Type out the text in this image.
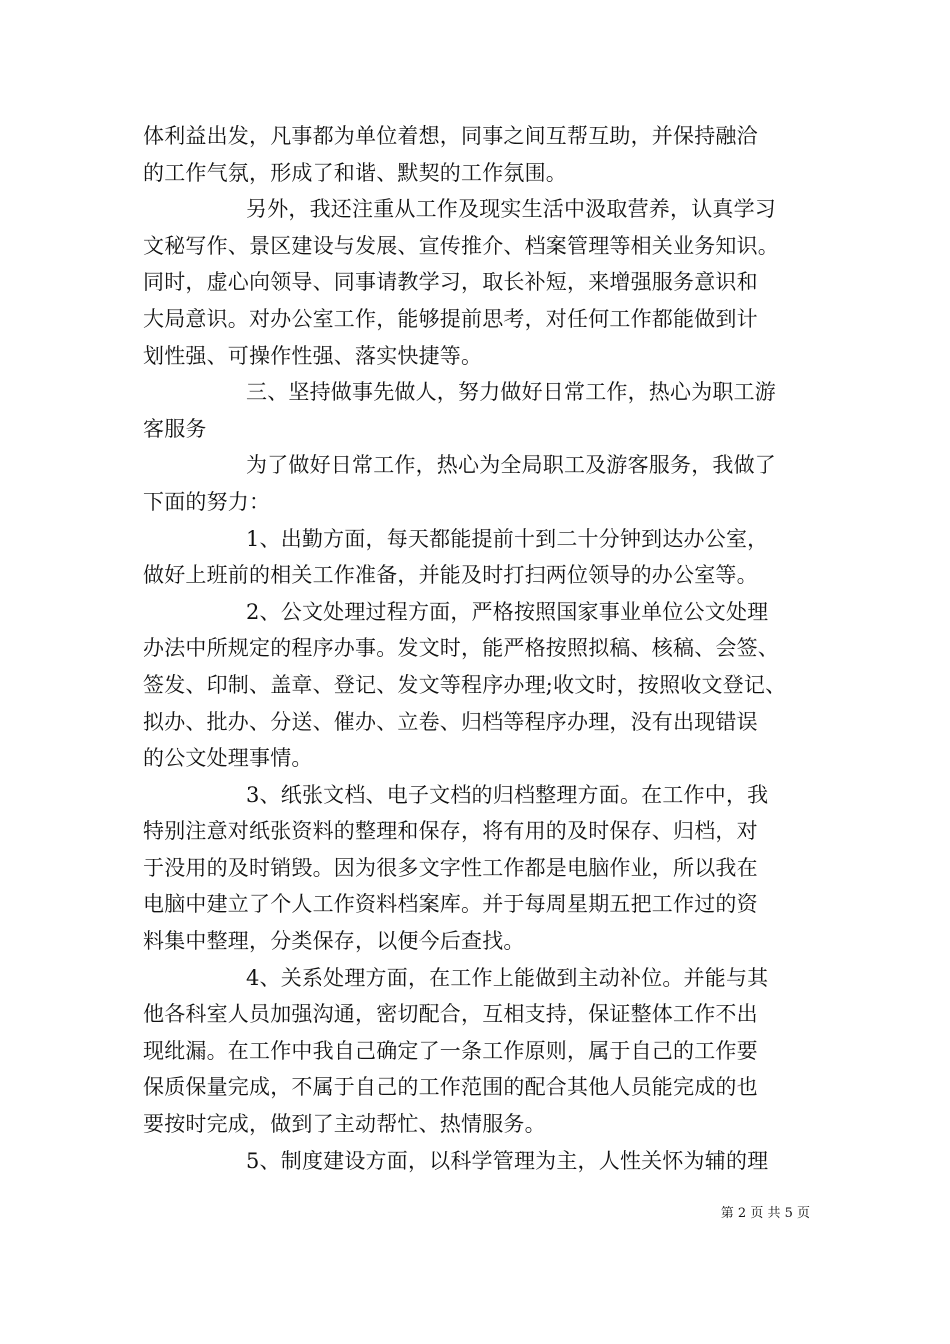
体利益出发，凡事都为单位着想，同事之间互帮互助，并保持融洽
的工作气氛，形成了和谐、默契的工作氛围。
另外，我还注重从工作及现实生活中汲取营养，认真学习
文秘写作、景区建设与发展、宣传推介、档案管理等相关业务知识。
同时，虚心向领导、同事请教学习，取长补短，来增强服务意识和
大局意识。对办公室工作，能够提前思考，对任何工作都能做到计
划性强、可操作性强、落实快捷等。
三、坚持做事先做人，努力做好日常工作，热心为职工游
客服务
为了做好日常工作，热心为全局职工及游客服务，我做了
下面的努力：
1、出勤方面，每天都能提前十到二十分钟到达办公室，
做好上班前的相关工作准备，并能及时打扫两位领导的办公室等。
2、公文处理过程方面，严格按照国家事业单位公文处理
办法中所规定的程序办事。发文时，能严格按照拟稿、核稿、会签、
签发、印制、盖章、登记、发文等程序办理;收文时，按照收文登记、
拟办、批办、分送、催办、立卷、归档等程序办理，没有出现错误
的公文处理事情。
3、纸张文档、电子文档的归档整理方面。在工作中，我
特别注意对纸张资料的整理和保存，将有用的及时保存、归档，对
于没用的及时销毁。因为很多文字性工作都是电脑作业，所以我在
电脑中建立了个人工作资料档案库。并于每周星期五把工作过的资
料集中整理，分类保存，以便今后查找。
4、关系处理方面，在工作上能做到主动补位。并能与其
他各科室人员加强沟通，密切配合，互相支持，保证整体工作不出
现纰漏。在工作中我自己确定了一条工作原则，属于自己的工作要
保质保量完成，不属于自己的工作范围的配合其他人员能完成的也
要按时完成，做到了主动帮忙、热情服务。
5、制度建设方面，以科学管理为主，人性关怀为辅的理
第 2 页 共 5 页
